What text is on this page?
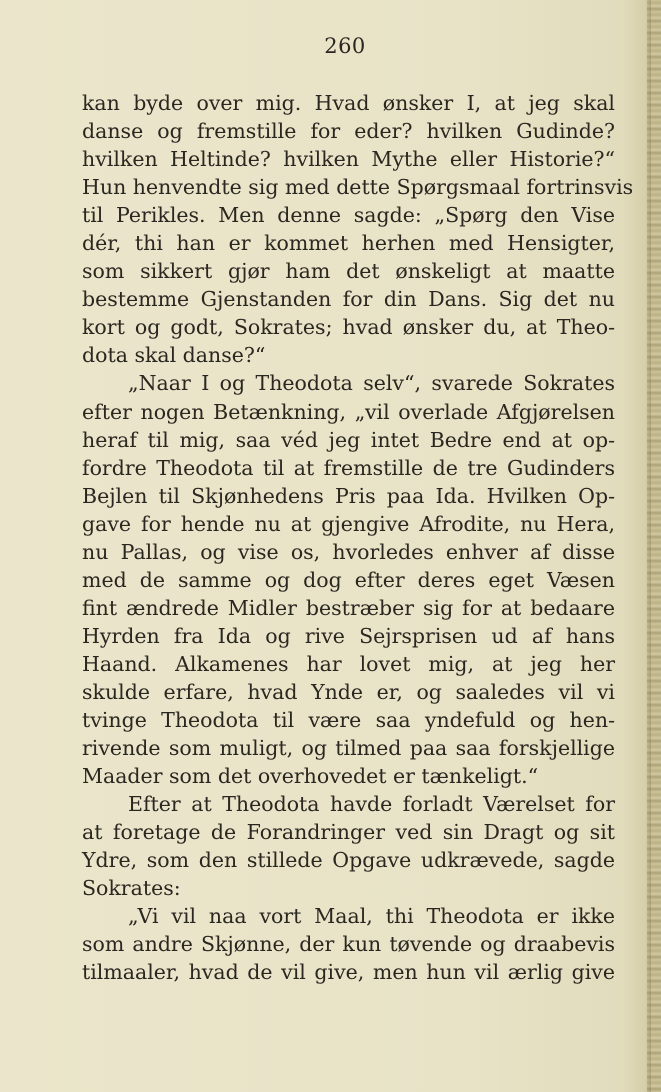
260
kan byde over mig. Hvad ønsker I, at jeg skal
danse og fremstille for eder? hvilken Gudinde?
hvilken Heltinde? hvilken Mythe eller Historie?“
Hun henvendte sig med dette Spørgsmaal fortrinsvis
til Perikles. Men denne sagde: „Spørg den Vise
dér, thi han er kommet herhen med Hensigter,
som sikkert gjør ham det ønskeligt at maatte
bestemme Gjenstanden for din Dans. Sig det nu
kort og godt, Sokrates; hvad ønsker du, at Theo-
dota skal danse?“
„Naar I og Theodota selv“, svarede Sokrates
efter nogen Betænkning, „vil overlade Afgjørelsen
heraf til mig, saa véd jeg intet Bedre end at op-
fordre Theodota til at fremstille de tre Gudinders
Bejlen til Skjønhedens Pris paa Ida. Hvilken Op-
gave for hende nu at gjengive Afrodite, nu Hera,
nu Pallas, og vise os, hvorledes enhver af disse
med de samme og dog efter deres eget Væsen
fint ændrede Midler bestræber sig for at bedaare
Hyrden fra Ida og rive Sejrsprisen ud af hans
Haand. Alkamenes har lovet mig, at jeg her
skulde erfare, hvad Ynde er, og saaledes vil vi
tvinge Theodota til være saa yndefuld og hen-
rivende som muligt, og tilmed paa saa forskjellige
Maader som det overhovedet er tænkeligt.“
Efter at Theodota havde forladt Værelset for
at foretage de Forandringer ved sin Dragt og sit
Ydre, som den stillede Opgave udkrævede, sagde
Sokrates:
„Vi vil naa vort Maal, thi Theodota er ikke
som andre Skjønne, der kun tøvende og draabevis
tilmaaler, hvad de vil give, men hun vil ærlig give
